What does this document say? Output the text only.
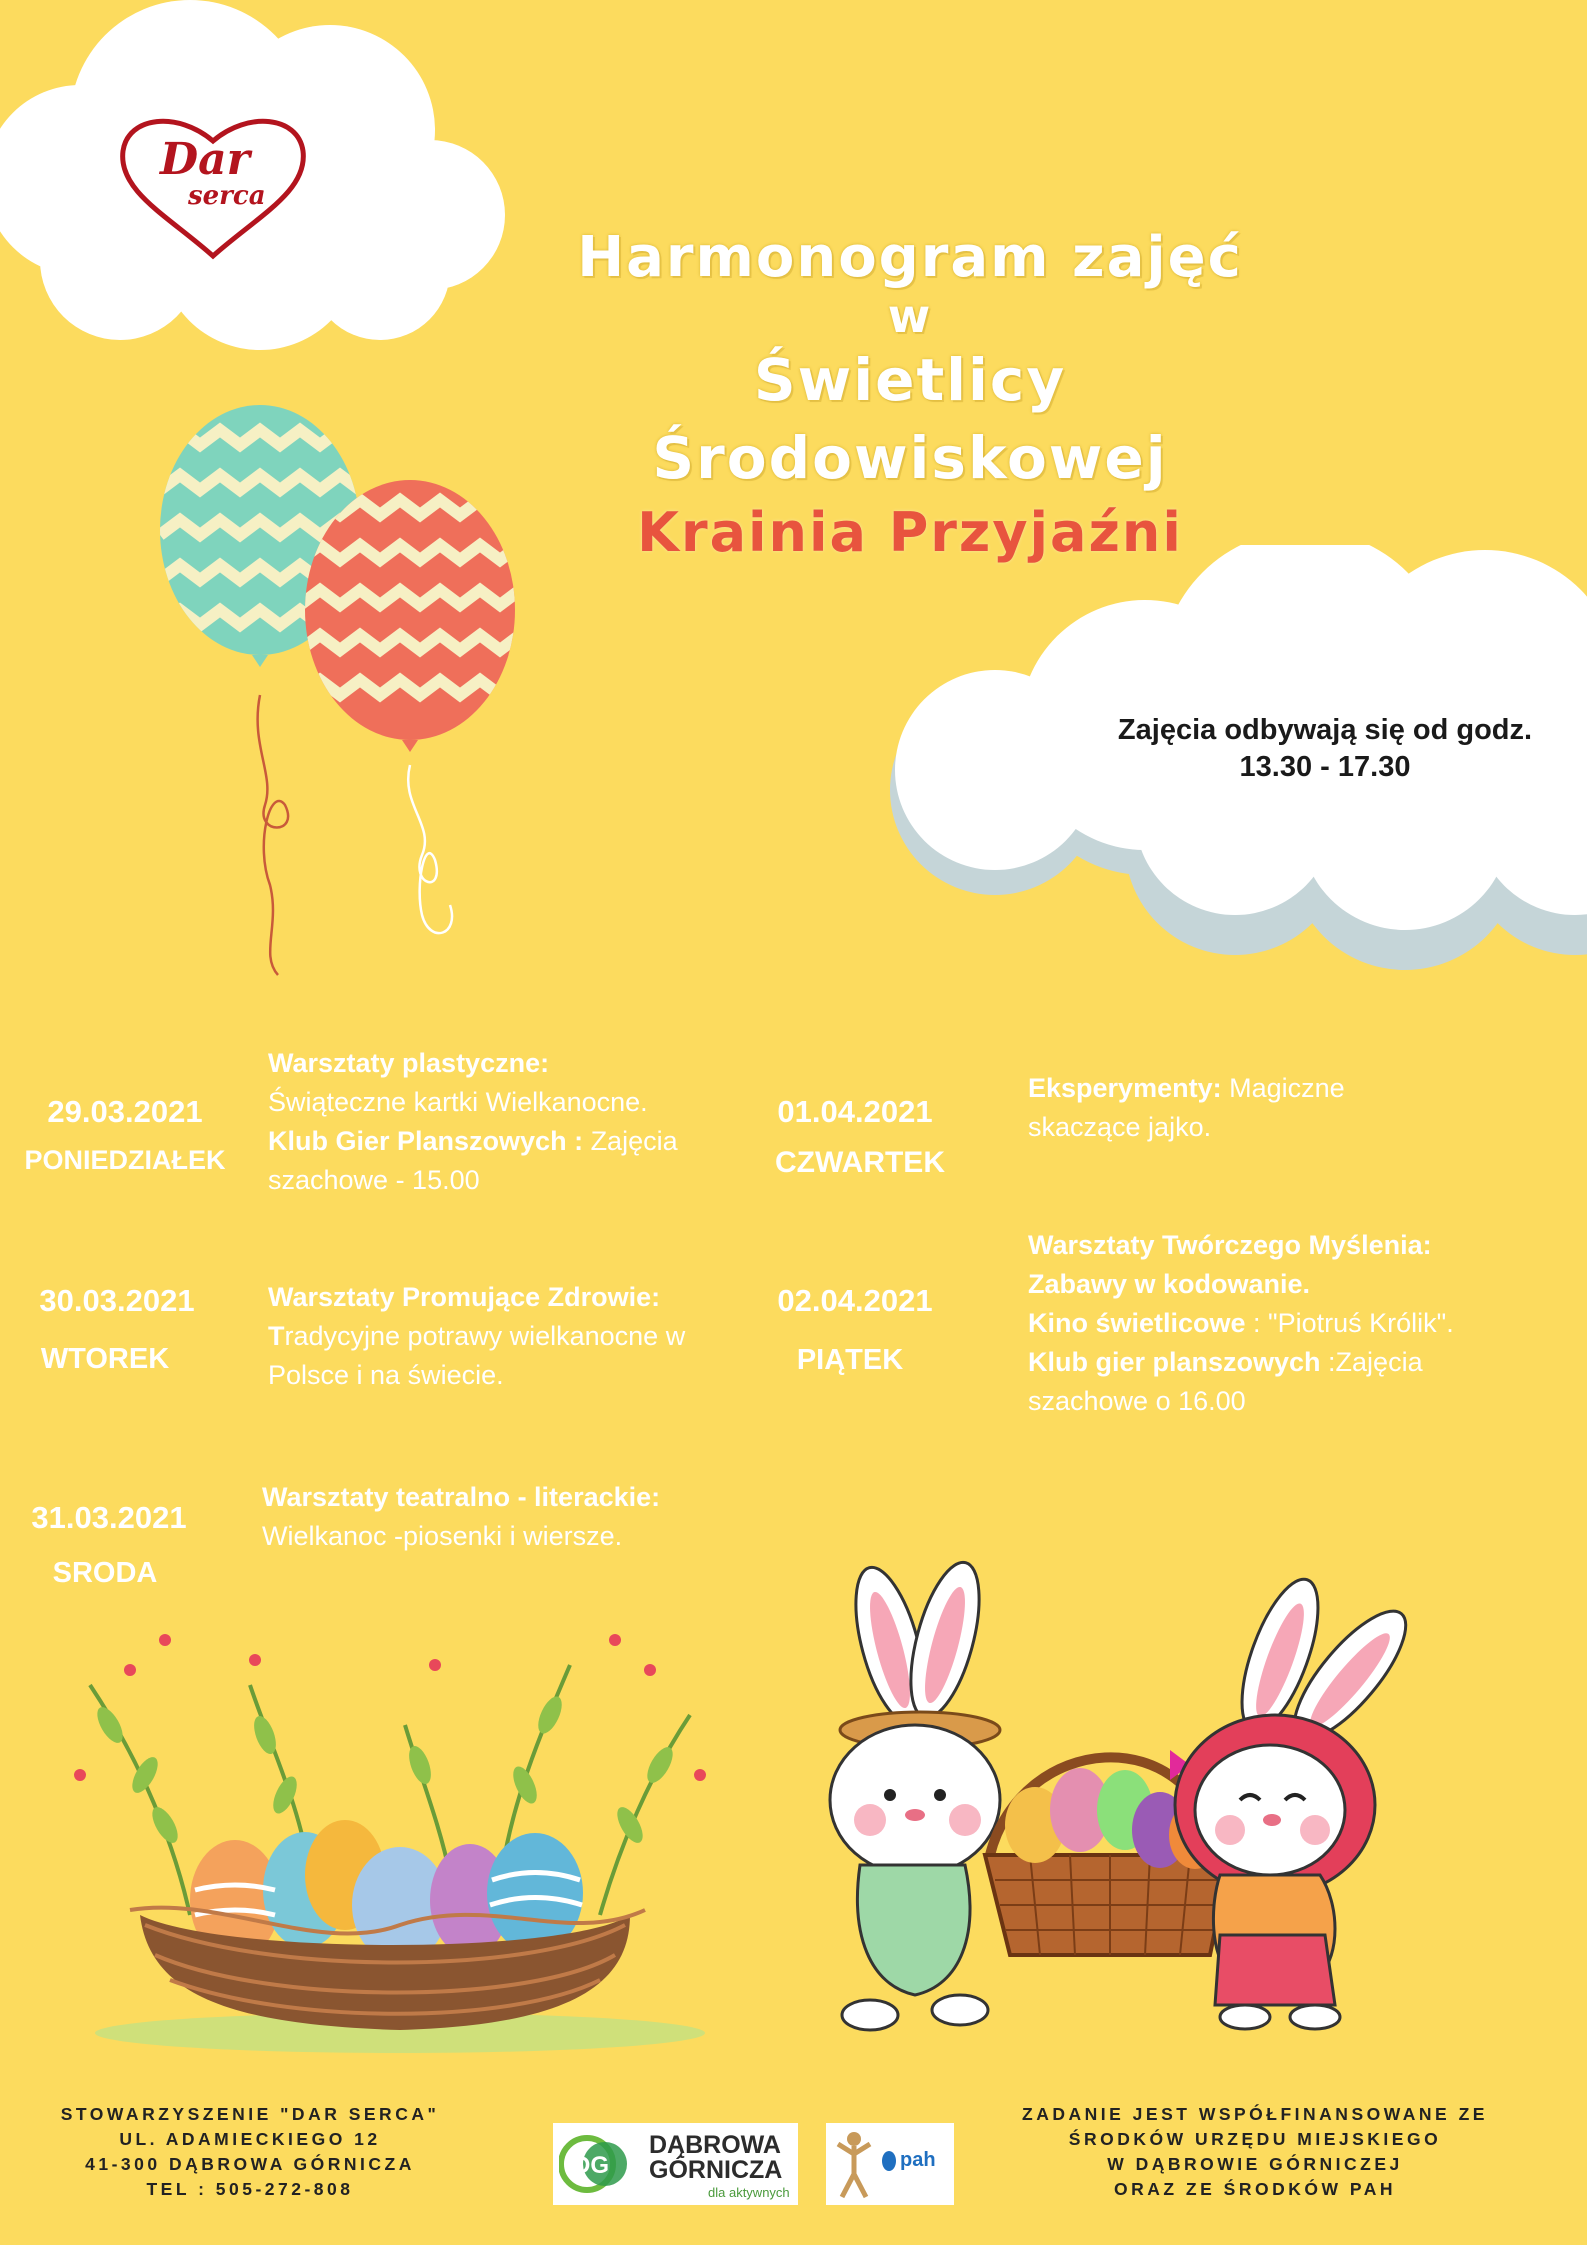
Dar
serca
Harmonogram zajęć
w
Świetlicy Środowiskowej
Krainia Przyjaźni
Zajęcia odbywają się od godz.
13.30 - 17.30
29.03.2021
PONIEDZIAŁEK
Warsztaty plastyczne:
Świąteczne kartki Wielkanocne.
Klub Gier Planszowych : Zajęcia szachowe - 15.00
30.03.2021
WTOREK
Warsztaty Promujące Zdrowie:
Tradycyjne potrawy wielkanocne w Polsce i na świecie.
31.03.2021
SRODA
Warsztaty teatralno - literackie:
Wielkanoc -piosenki i wiersze.
01.04.2021
CZWARTEK
Eksperymenty: Magiczne skaczące jajko.
02.04.2021
PIĄTEK
Warsztaty Twórczego Myślenia:
Zabawy w kodowanie.
Kino świetlicowe : "Piotruś Królik".
Klub gier planszowych :Zajęcia szachowe o 16.00
STOWARZYSZENIE "DAR SERCA"
UL. ADAMIECKIEGO 12
41-300 DĄBROWA GÓRNICZA
TEL : 505-272-808
DG
DĄBROWA
GÓRNICZA
dla aktywnych
pah
ZADANIE JEST WSPÓŁFINANSOWANE ZE
ŚRODKÓW URZĘDU MIEJSKIEGO
W DĄBROWIE GÓRNICZEJ
ORAZ ZE ŚRODKÓW PAH
